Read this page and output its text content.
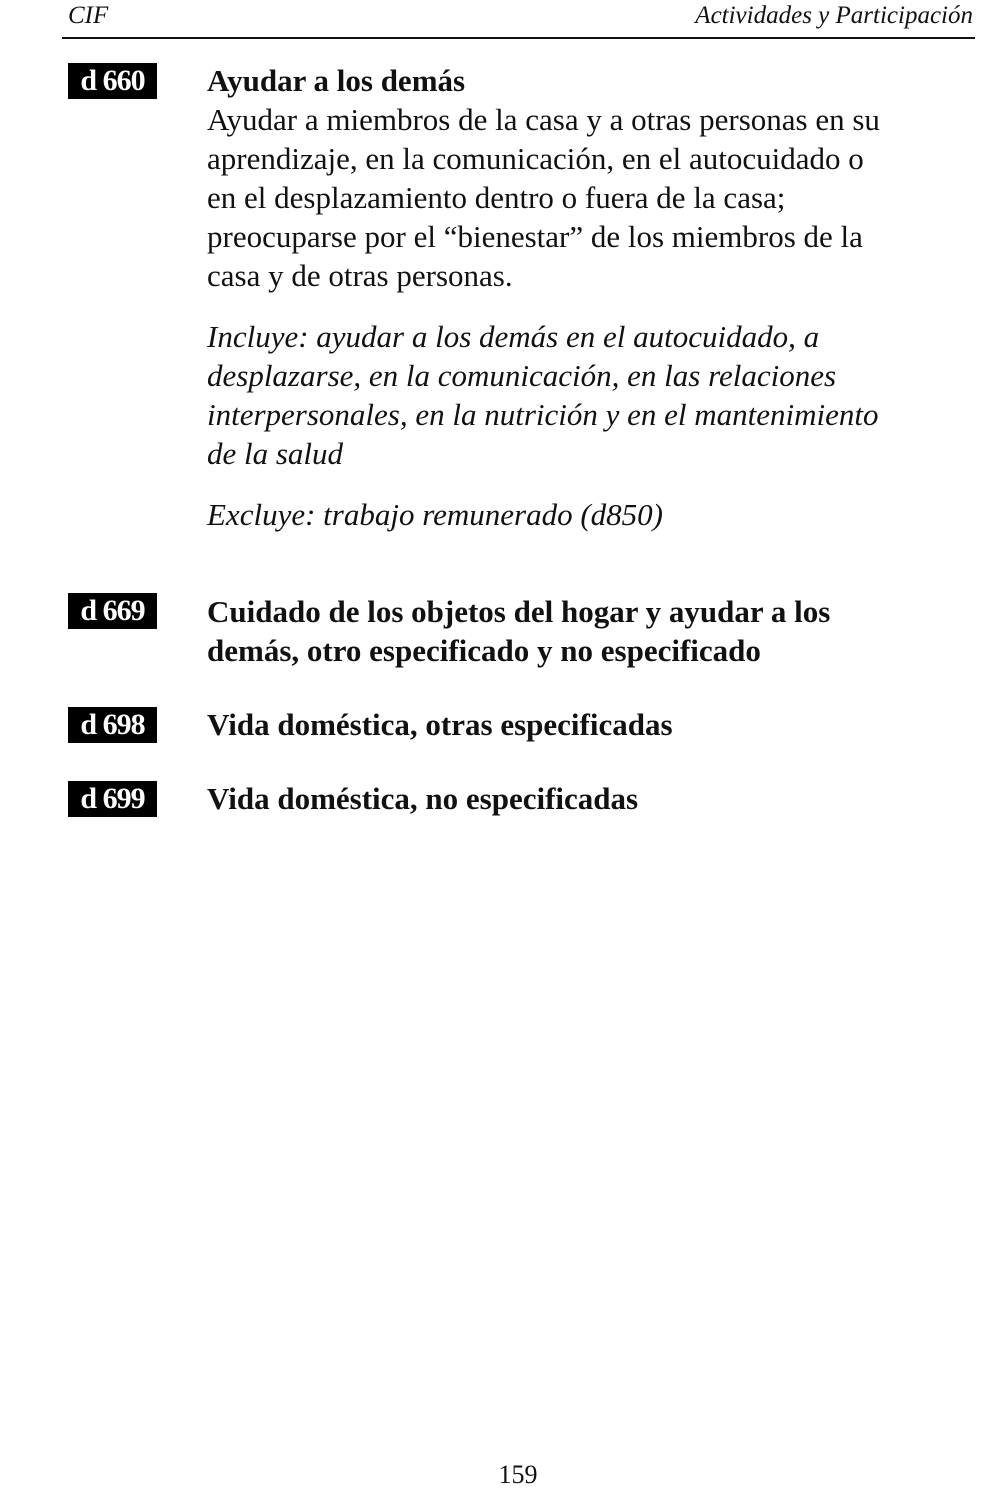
CIF	Actividades y Participación
d 660	Ayudar a los demás
Ayudar a miembros de la casa y a otras personas en su
aprendizaje, en la comunicación, en el autocuidado o
en el desplazamiento dentro o fuera de la casa;
preocuparse por el “bienestar” de los miembros de la
casa y de otras personas.
Incluye: ayudar a los demás en el autocuidado, a
desplazarse, en la comunicación, en las relaciones
interpersonales, en la nutrición y en el mantenimiento
de la salud
Excluye: trabajo remunerado (d850)
d 669	Cuidado de los objetos del hogar y ayudar a los
demás, otro especificado y no especificado
d 698	Vida doméstica, otras especificadas
d 699	Vida doméstica, no especificadas
159
